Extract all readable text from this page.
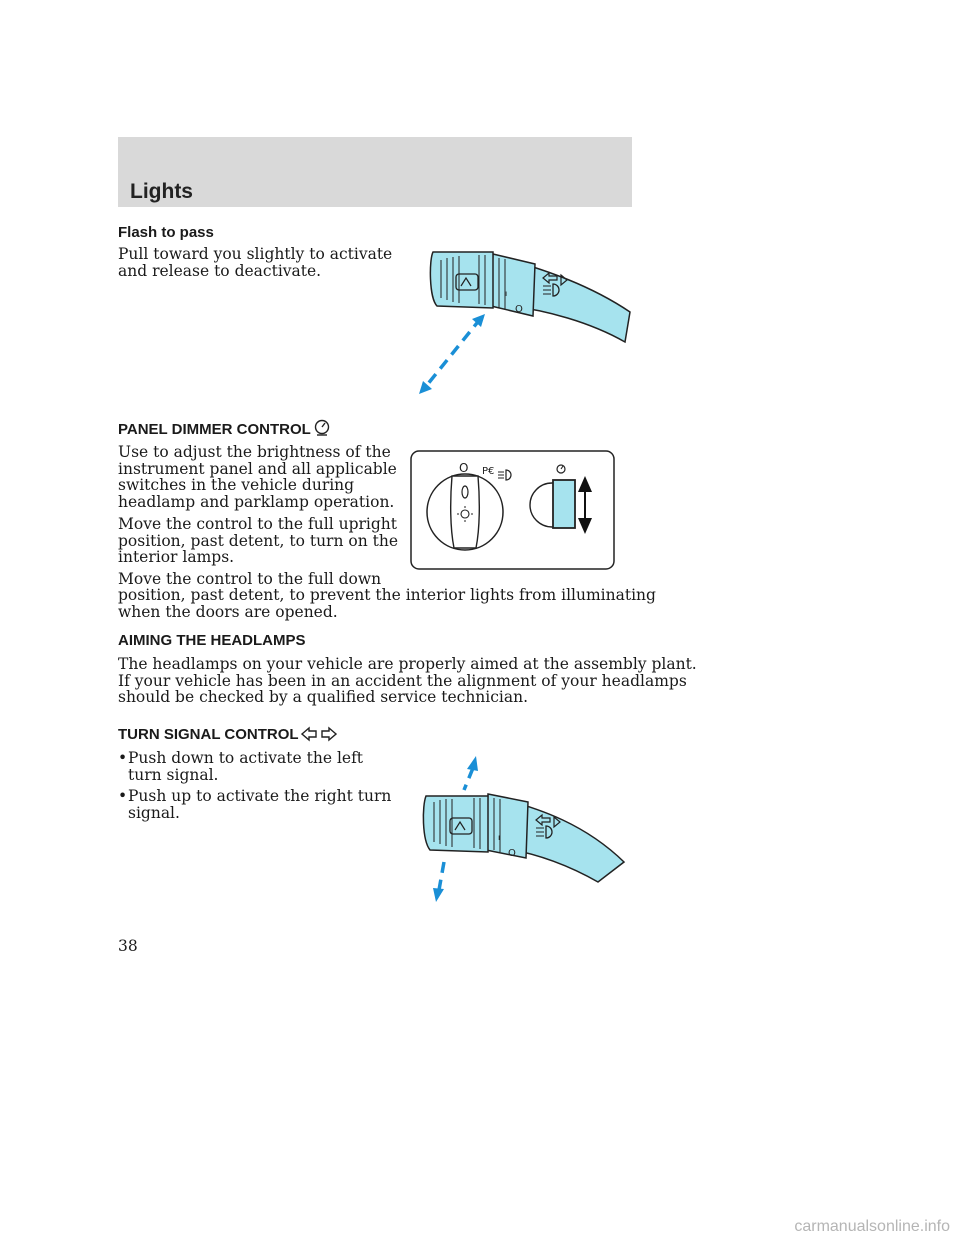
Lights
Flash to pass

Pull toward you slightly to activate
and release to deactivate.

ᴵ
O
PANEL DIMMER CONTROL

Use to adjust the brightness of the
instrument panel and all applicable
switches in the vehicle during
headlamp and parklamp operation.

Move the control to the full upright
position, past detent, to turn on the
interior lamps.

Move the control to the full down

position, past detent, to prevent the interior lights from illuminating
when the doors are opened.

O P€
AIMING THE HEADLAMPS

The headlamps on your vehicle are properly aimed at the assembly plant.
If your vehicle has been in an accident the alignment of your headlamps
should be checked by a qualified service technician.

TURN SIGNAL CONTROL
• Push down to activate the left
turn signal.
• Push up to activate the right turn
signal.
ᴵ
O

38

carmanualsonline.info
